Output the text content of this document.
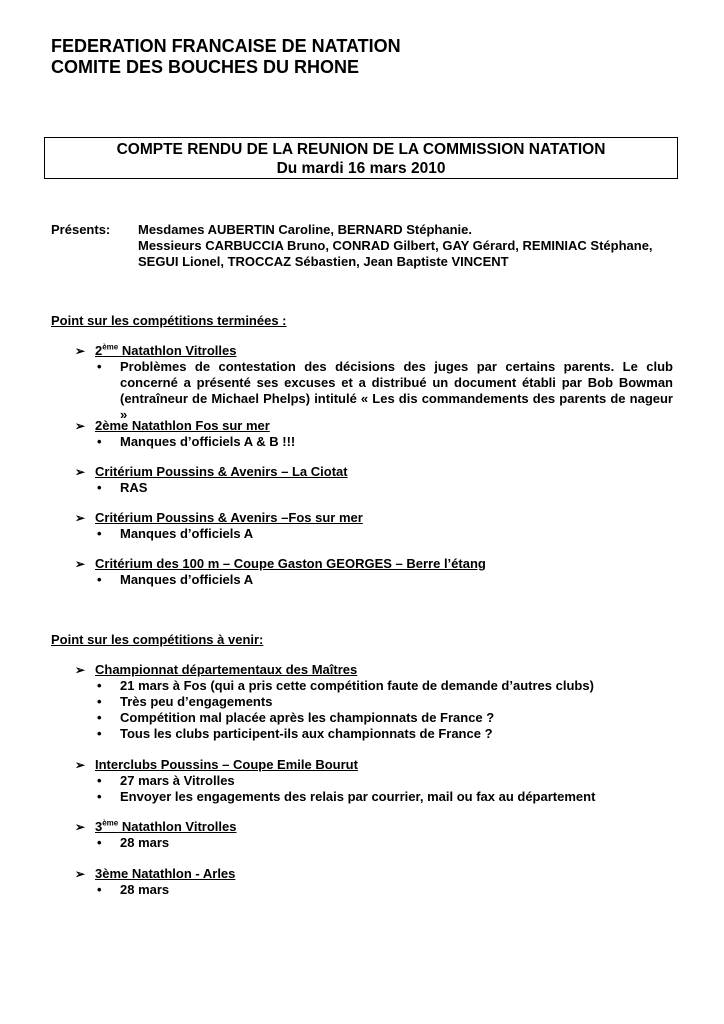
FEDERATION FRANCAISE DE NATATION
COMITE DES BOUCHES DU RHONE
COMPTE RENDU DE LA REUNION DE LA COMMISSION NATATION
Du mardi 16 mars 2010
Présents:	Mesdames AUBERTIN Caroline, BERNARD Stéphanie.
Messieurs CARBUCCIA Bruno, CONRAD Gilbert, GAY Gérard, REMINIAC Stéphane,
SEGUI Lionel, TROCCAZ Sébastien, Jean Baptiste VINCENT
Point sur les compétitions terminées :
➢ 2ème Natathlon Vitrolles
• Problèmes de contestation des décisions des juges par certains parents. Le club concerné a présenté ses excuses et a distribué un document établi par Bob Bowman (entraîneur de Michael Phelps) intitulé « Les dis commandements des parents de nageur »
➢ 2ème Natathlon Fos sur mer
• Manques d’officiels A & B !!!
➢ Critérium Poussins & Avenirs – La Ciotat
• RAS
➢ Critérium Poussins & Avenirs –Fos sur mer
• Manques d’officiels A
➢ Critérium des 100 m – Coupe Gaston GEORGES – Berre l’étang
• Manques d’officiels A
Point sur les compétitions à venir:
➢ Championnat départementaux des Maîtres
• 21 mars à Fos (qui a pris cette compétition faute de demande d’autres clubs)
• Très peu d’engagements
• Compétition mal placée après les championnats de France ?
• Tous les clubs participent-ils aux championnats de France ?
➢ Interclubs Poussins – Coupe Emile Bourut
• 27 mars à Vitrolles
• Envoyer les engagements des relais par courrier, mail ou fax au département
➢ 3ème Natathlon Vitrolles
• 28 mars
➢ 3ème Natathlon - Arles
• 28 mars
